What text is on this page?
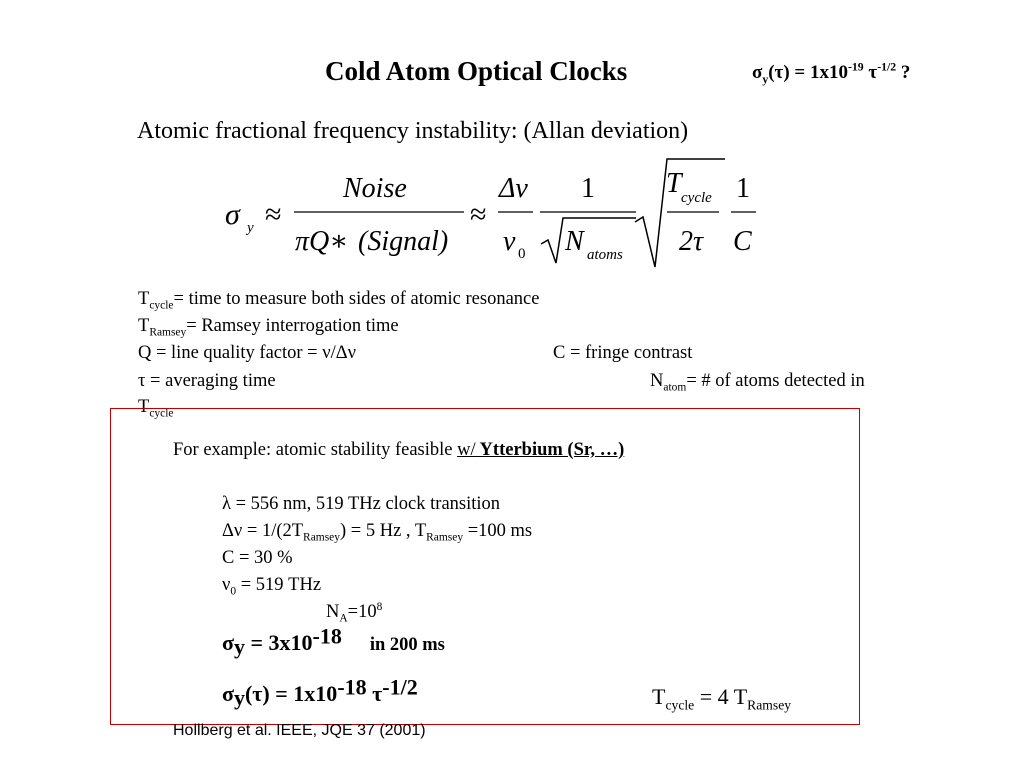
Cold Atom Optical Clocks	$\sigma_y(\tau) = 1x10^{-19}$ $\tau^{-1/2}$ ?
Atomic fractional frequency instability: (Allan deviation)
σ y ≈
Noise
πQ∗ (Signal)
≈
Δν
ν 0
1
N atoms
T cycle
2τ
1
C
$T_{cycle}=$ time to measure both sides of atomic resonance
$T_{Ramsey}=$ Ramsey interrogation time
Q = line quality factor = ν/Δν	C = fringe contrast
τ = averaging time	$N_{atom}=$ # of atoms detected in
$T_{cycle}$
For example: atomic stability feasible w/ Ytterbium (Sr, …)
λ = 556 nm, 519 THz clock transition
$\Delta\nu = 1/(2T_{Ramsey}) = 5$ Hz , $T_{Ramsey} =100$ ms
C = 30 %
$\nu_0 = 519$ THz
$N_A=10^8$
$\sigma_y = 3x10^{-18}$ in 200 ms
$\sigma_y(\tau) = 1x10^{-18}$ $\tau^{-1/2}$	$T_{cycle} = 4$ $T_{Ramsey}$
Hollberg et al. IEEE, JQE 37 (2001)
